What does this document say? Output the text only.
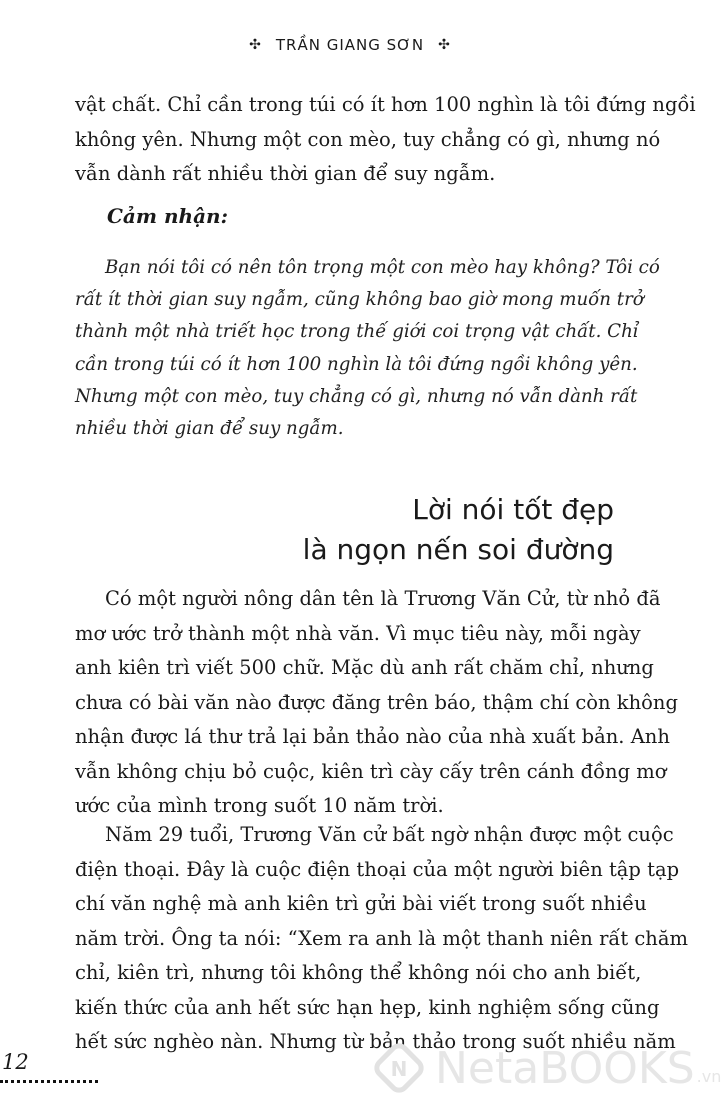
✣ TRẦN GIANG SƠN ✣
vật chất. Chỉ cần trong túi có ít hơn 100 nghìn là tôi đứng ngồi
không yên. Nhưng một con mèo, tuy chẳng có gì, nhưng nó
vẫn dành rất nhiều thời gian để suy ngẫm.
Cảm nhận:
Bạn nói tôi có nên tôn trọng một con mèo hay không? Tôi có
rất ít thời gian suy ngẫm, cũng không bao giờ mong muốn trở
thành một nhà triết học trong thế giới coi trọng vật chất. Chỉ
cần trong túi có ít hơn 100 nghìn là tôi đứng ngồi không yên.
Nhưng một con mèo, tuy chẳng có gì, nhưng nó vẫn dành rất
nhiều thời gian để suy ngẫm.
Lời nói tốt đẹp
là ngọn nến soi đường
Có một người nông dân tên là Trương Văn Cử, từ nhỏ đã
mơ ước trở thành một nhà văn. Vì mục tiêu này, mỗi ngày
anh kiên trì viết 500 chữ. Mặc dù anh rất chăm chỉ, nhưng
chưa có bài văn nào được đăng trên báo, thậm chí còn không
nhận được lá thư trả lại bản thảo nào của nhà xuất bản. Anh
vẫn không chịu bỏ cuộc, kiên trì cày cấy trên cánh đồng mơ
ước của mình trong suốt 10 năm trời.
Năm 29 tuổi, Trương Văn cử bất ngờ nhận được một cuộc
điện thoại. Đây là cuộc điện thoại của một người biên tập tạp
chí văn nghệ mà anh kiên trì gửi bài viết trong suốt nhiều
năm trời. Ông ta nói: “Xem ra anh là một thanh niên rất chăm
chỉ, kiên trì, nhưng tôi không thể không nói cho anh biết,
kiến thức của anh hết sức hạn hẹp, kinh nghiệm sống cũng
hết sức nghèo nàn. Nhưng từ bản thảo trong suốt nhiều năm
12	N NetaBOOKS .vn
